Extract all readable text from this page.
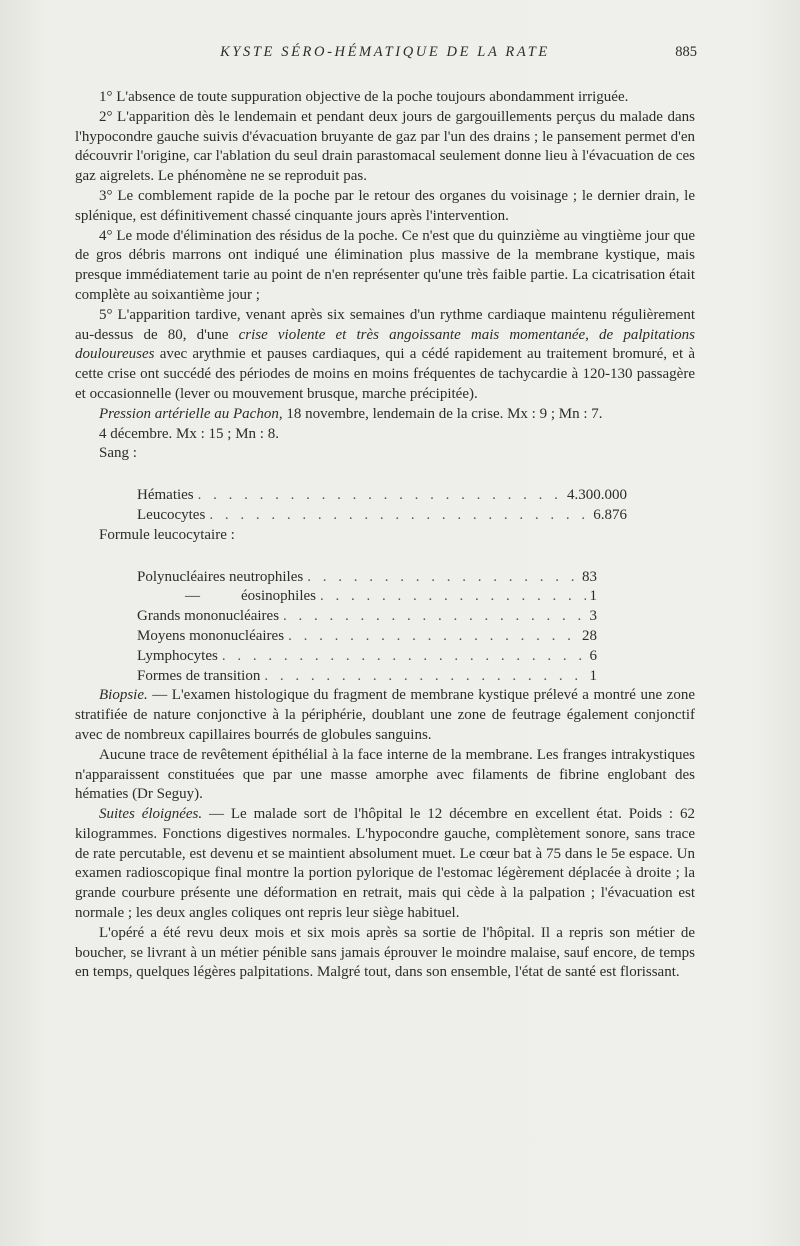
KYSTE SÉRO-HÉMATIQUE DE LA RATE	885

1° L'absence de toute suppuration objective de la poche toujours abondamment irriguée.

2° L'apparition dès le lendemain et pendant deux jours de gargouillements perçus du malade dans l'hypocondre gauche suivis d'évacuation bruyante de gaz par l'un des drains ; le pansement permet d'en découvrir l'origine, car l'ablation du seul drain parastomacal seulement donne lieu à l'évacuation de ces gaz aigrelets. Le phénomène ne se reproduit pas.

3° Le comblement rapide de la poche par le retour des organes du voisinage ; le dernier drain, le splénique, est définitivement chassé cinquante jours après l'intervention.

4° Le mode d'élimination des résidus de la poche. Ce n'est que du quinzième au vingtième jour que de gros débris marrons ont indiqué une élimination plus massive de la membrane kystique, mais presque immédiatement tarie au point de n'en représenter qu'une très faible partie. La cicatrisation était complète au soixantième jour ;

5° L'apparition tardive, venant après six semaines d'un rythme cardiaque maintenu régulièrement au-dessus de 80, d'une crise violente et très angoissante mais momentanée, de palpitations douloureuses avec arythmie et pauses cardiaques, qui a cédé rapidement au traitement bromuré, et à cette crise ont succédé des périodes de moins en moins fréquentes de tachycardie à 120-130 passagère et occasionnelle (lever ou mouvement brusque, marche précipitée).

Pression artérielle au Pachon, 18 novembre, lendemain de la crise. Mx : 9 ; Mn : 7.

4 décembre. Mx : 15 ; Mn : 8.

Sang :

Hématies . . .	4.300.000
Leucocytes . . .	6.876

Formule leucocytaire :

Polynucléaires neutrophiles . . .	83
—	éosinophiles . . .	1
Grands mononucléaires . . .	3
Moyens mononucléaires . . .	28
Lymphocytes . . .	6
Formes de transition . . .	1

Biopsie. — L'examen histologique du fragment de membrane kystique prélevé a montré une zone stratifiée de nature conjonctive à la périphérie, doublant une zone de feutrage également conjonctif avec de nombreux capillaires bourrés de globules sanguins.

Aucune trace de revêtement épithélial à la face interne de la membrane. Les franges intrakystiques n'apparaissent constituées que par une masse amorphe avec filaments de fibrine englobant des hématies (Dr Seguy).

Suites éloignées. — Le malade sort de l'hôpital le 12 décembre en excellent état. Poids : 62 kilogrammes. Fonctions digestives normales. L'hypocondre gauche, complètement sonore, sans trace de rate percutable, est devenu et se maintient absolument muet. Le cœur bat à 75 dans le 5e espace. Un examen radioscopique final montre la portion pylorique de l'estomac légèrement déplacée à droite ; la grande courbure présente une déformation en retrait, mais qui cède à la palpation ; l'évacuation est normale ; les deux angles coliques ont repris leur siège habituel.

L'opéré a été revu deux mois et six mois après sa sortie de l'hôpital. Il a repris son métier de boucher, se livrant à un métier pénible sans jamais éprouver le moindre malaise, sauf encore, de temps en temps, quelques légères palpitations. Malgré tout, dans son ensemble, l'état de santé est florissant.
